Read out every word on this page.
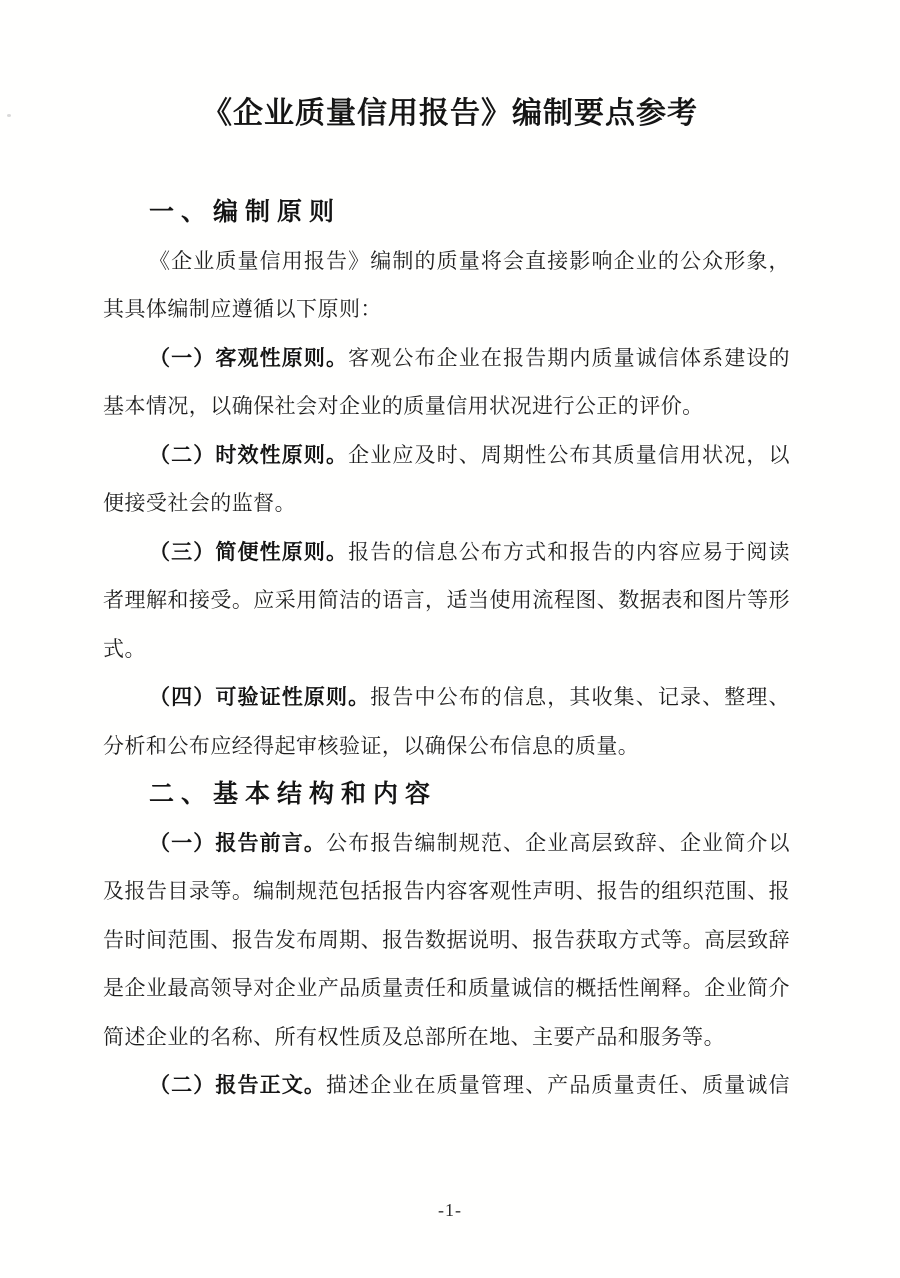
《企业质量信用报告》编制要点参考
一、编制原则

《企业质量信用报告》编制的质量将会直接影响企业的公众形象，其具体编制应遵循以下原则：

（一）客观性原则。客观公布企业在报告期内质量诚信体系建设的基本情况，以确保社会对企业的质量信用状况进行公正的评价。

（二）时效性原则。企业应及时、周期性公布其质量信用状况，以便接受社会的监督。

（三）简便性原则。报告的信息公布方式和报告的内容应易于阅读者理解和接受。应采用简洁的语言，适当使用流程图、数据表和图片等形式。

（四）可验证性原则。报告中公布的信息，其收集、记录、整理、分析和公布应经得起审核验证，以确保公布信息的质量。

二、基本结构和内容

（一）报告前言。公布报告编制规范、企业高层致辞、企业简介以及报告目录等。编制规范包括报告内容客观性声明、报告的组织范围、报告时间范围、报告发布周期、报告数据说明、报告获取方式等。高层致辞是企业最高领导对企业产品质量责任和质量诚信的概括性阐释。企业简介简述企业的名称、所有权性质及总部所在地、主要产品和服务等。

（二）报告正文。描述企业在质量管理、产品质量责任、质量诚信

-1-
